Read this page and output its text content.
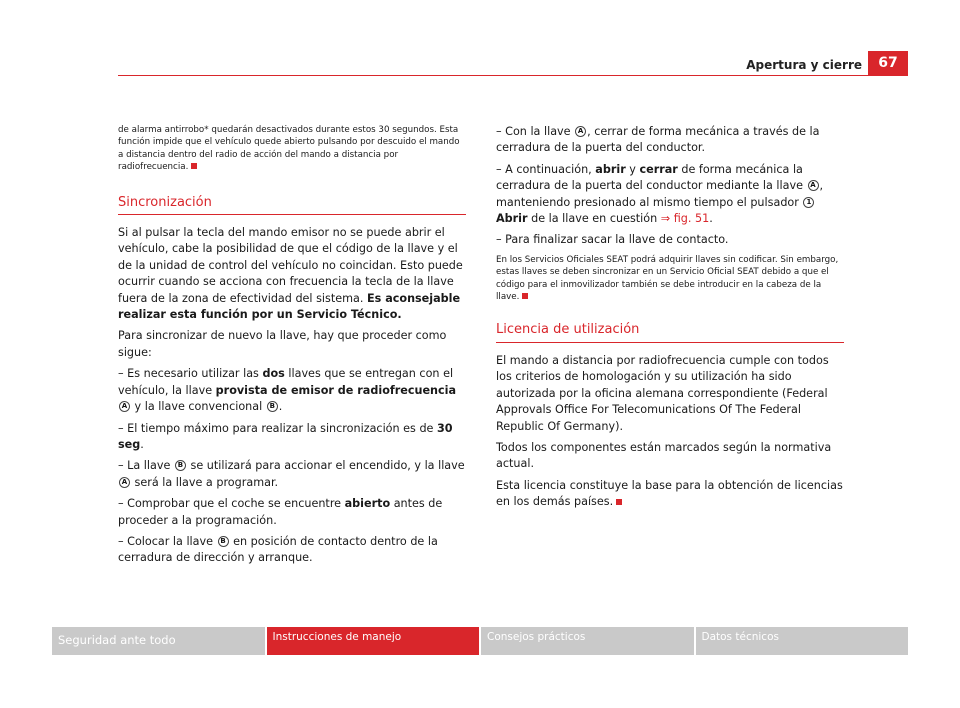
Apertura y cierre	67

de alarma antirrobo* quedarán desactivados durante estos 30 segundos. Esta función impide que el vehículo quede abierto pulsando por descuido el mando a distancia dentro del radio de acción del mando a distancia por radiofrecuencia.

Sincronización

Si al pulsar la tecla del mando emisor no se puede abrir el vehículo, cabe la posibilidad de que el código de la llave y el de la unidad de control del vehículo no coincidan. Esto puede ocurrir cuando se acciona con frecuencia la tecla de la llave fuera de la zona de efectividad del sistema. Es aconsejable realizar esta función por un Servicio Técnico.

Para sincronizar de nuevo la llave, hay que proceder como sigue:

– Es necesario utilizar las dos llaves que se entregan con el vehículo, la llave provista de emisor de radiofrecuenciaA y la llave convencional B .

– El tiempo máximo para realizar la sincronización es de 30 seg.

– La llave B se utilizará para accionar el encendido, y la llave A será la llave a programar.

– Comprobar que el coche se encuentre abierto antes de proceder a la programación.

– Colocar la llave B en posición de contacto dentro de la cerradura de dirección y arranque.

– Con la llave A , cerrar de forma mecánica a través de la cerradura de la puerta del conductor.

– A continuación, abrir y cerrar de forma mecánica la cerradura de la puerta del conductor mediante la llave A , manteniendo presionado al mismo tiempo el pulsador 1 Abrir de la llave en cuestión ⇒ fig. 51.

– Para finalizar sacar la llave de contacto.

En los Servicios Oficiales SEAT podrá adquirir llaves sin codificar. Sin embargo, estas llaves se deben sincronizar en un Servicio Oficial SEAT debido a que el código para el inmovilizador también se debe introducir en la cabeza de la llave.

Licencia de utilización

El mando a distancia por radiofrecuencia cumple con todos los criterios de homologación y su utilización ha sido autorizada por la oficina alemana correspondiente (Federal Approvals Office For Telecomunications Of The Federal Republic Of Germany).

Todos los componentes están marcados según la normativa actual.

Esta licencia constituye la base para la obtención de licencias en los demás países.

Seguridad ante todo	Instrucciones de manejo	Consejos prácticos	Datos técnicos
